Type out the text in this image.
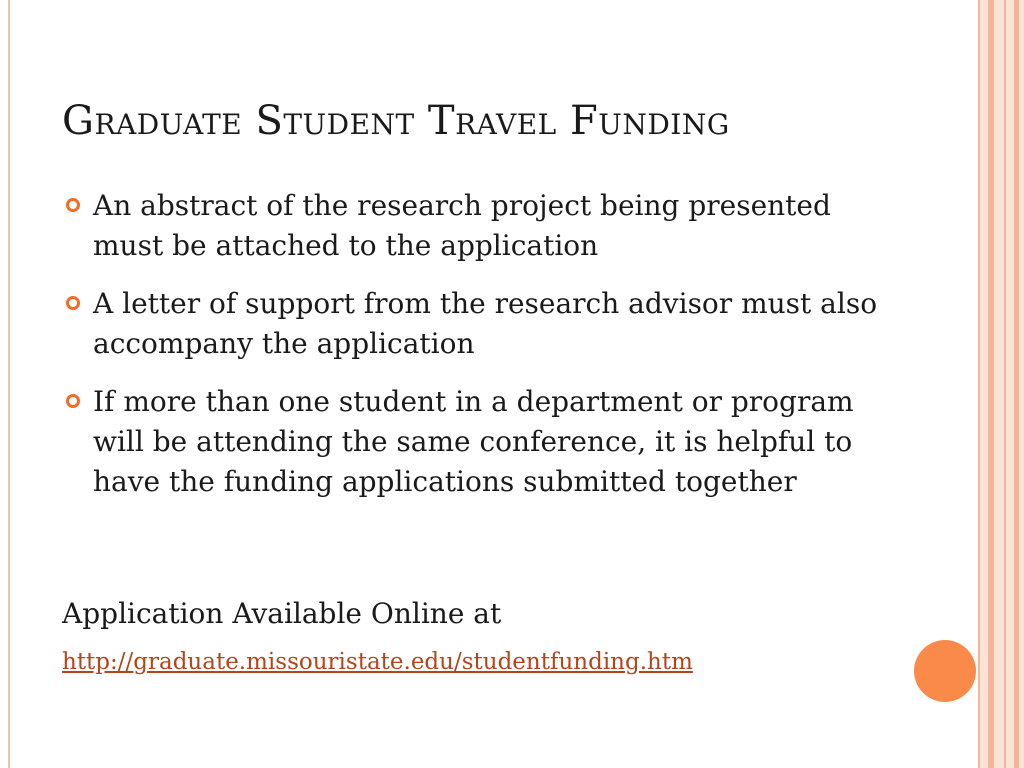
Graduate Student Travel Funding
An abstract of the research project being presented must be attached to the application
A letter of support from the research advisor must also accompany the application
If more than one student in a department or program will be attending the same conference, it is helpful to have the funding applications submitted together
Application Available Online at
http://graduate.missouristate.edu/studentfunding.htm
